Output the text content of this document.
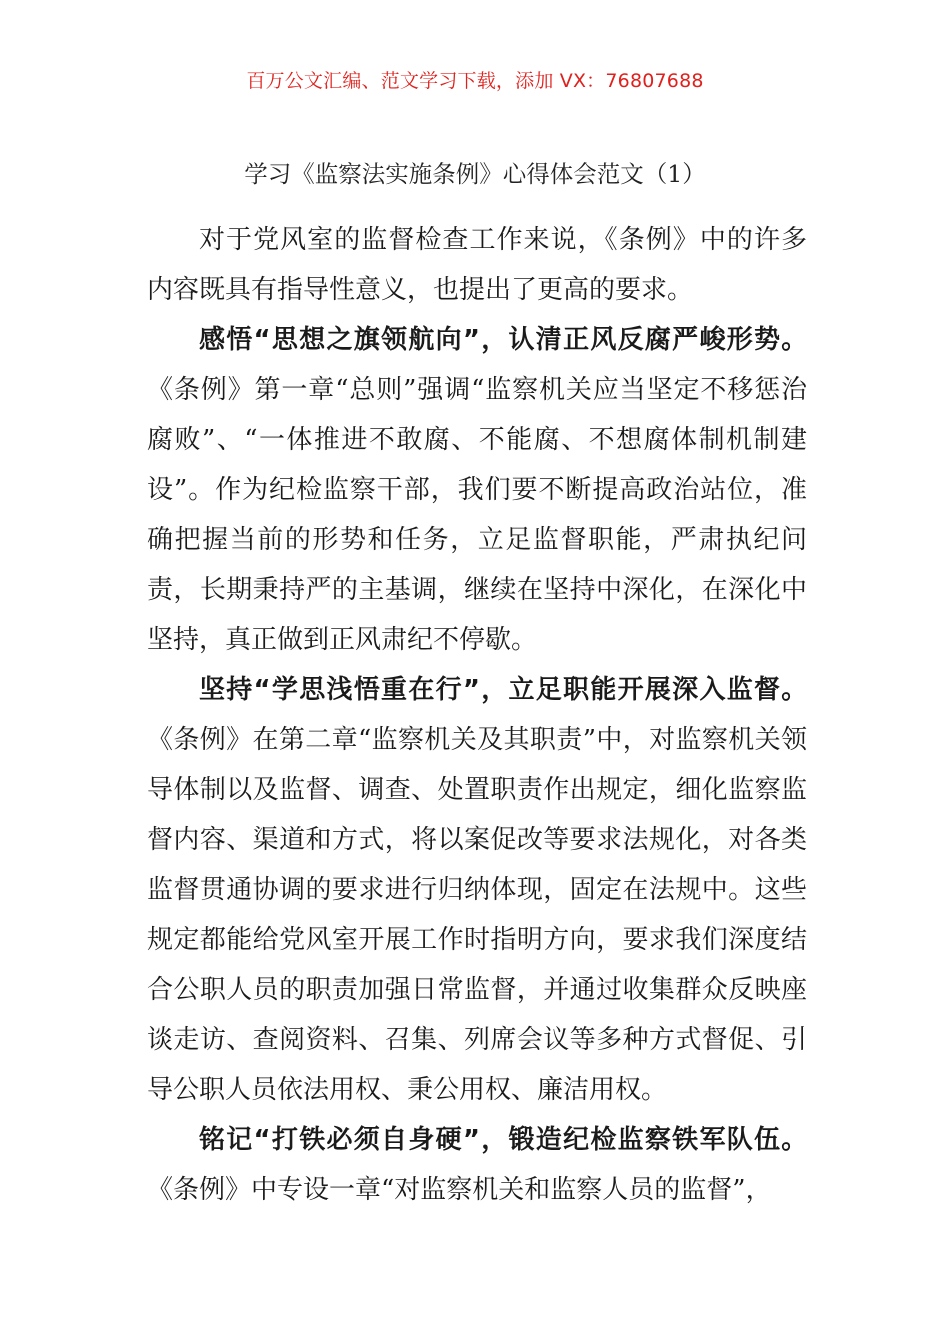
百万公文汇编、范文学习下载，添加 VX：76807688
学习《监察法实施条例》心得体会范文（1）

对于党风室的监督检查工作来说，《条例》中的许多内容既具有指导性意义，也提出了更高的要求。

感悟“思想之旗领航向”，认清正风反腐严峻形势。《条例》第一章“总则”强调“监察机关应当坚定不移惩治腐败”、“一体推进不敢腐、不能腐、不想腐体制机制建设”。作为纪检监察干部，我们要不断提高政治站位，准确把握当前的形势和任务，立足监督职能，严肃执纪问责，长期秉持严的主基调，继续在坚持中深化，在深化中坚持，真正做到正风肃纪不停歇。

坚持“学思浅悟重在行”，立足职能开展深入监督。《条例》在第二章“监察机关及其职责”中，对监察机关领导体制以及监督、调查、处置职责作出规定，细化监察监督内容、渠道和方式，将以案促改等要求法规化，对各类监督贯通协调的要求进行归纳体现，固定在法规中。这些规定都能给党风室开展工作时指明方向，要求我们深度结合公职人员的职责加强日常监督，并通过收集群众反映座谈走访、查阅资料、召集、列席会议等多种方式督促、引导公职人员依法用权、秉公用权、廉洁用权。

铭记“打铁必须自身硬”，锻造纪检监察铁军队伍。《条例》中专设一章“对监察机关和监察人员的监督”，
